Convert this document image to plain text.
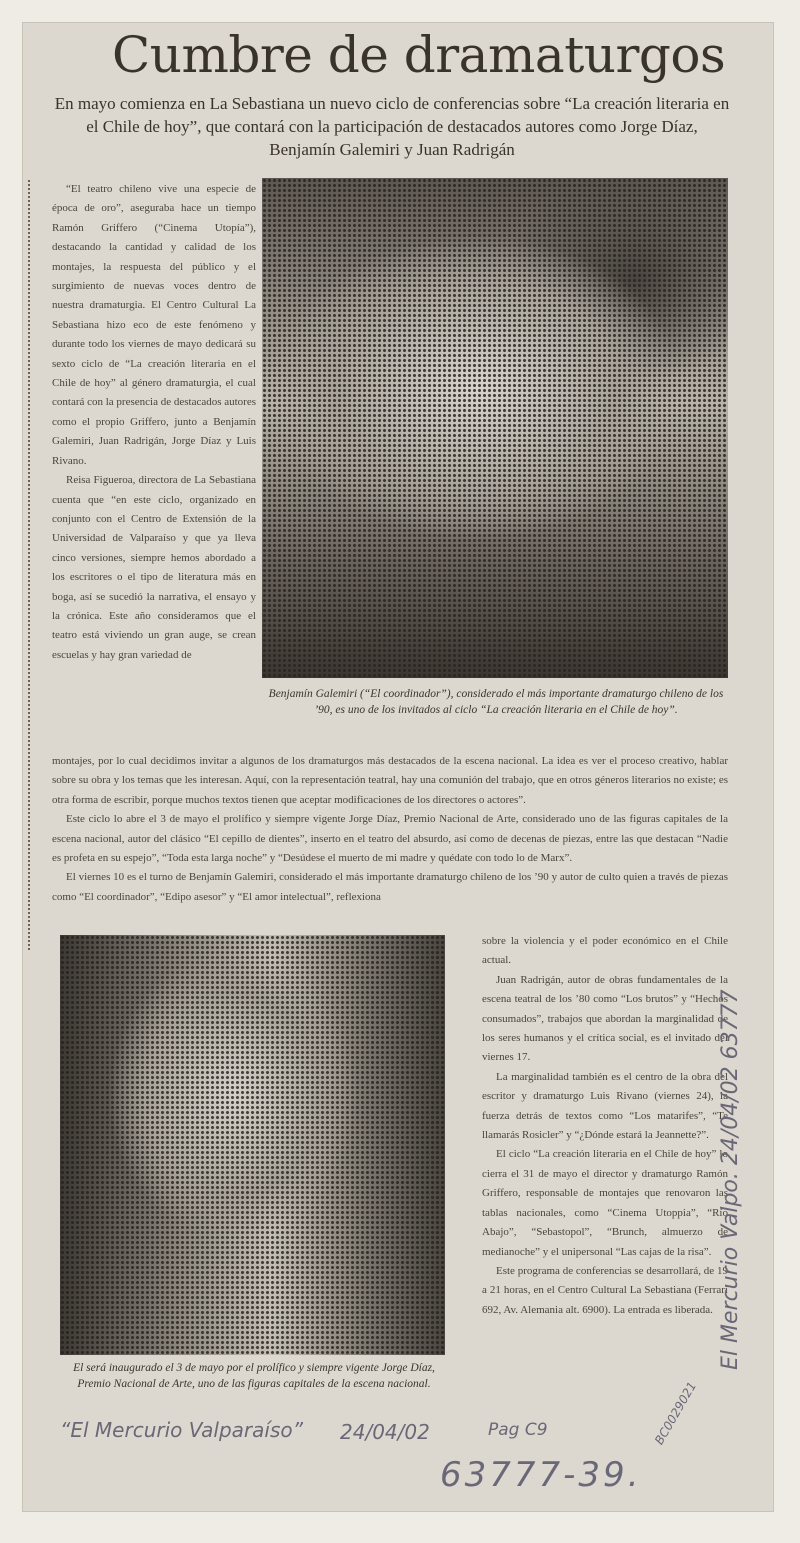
Cumbre de dramaturgos
En mayo comienza en La Sebastiana un nuevo ciclo de conferencias sobre “La creación literaria en el Chile de hoy”, que contará con la participación de destacados autores como Jorge Díaz, Benjamín Galemiri y Juan Radrigán

“El teatro chileno vive una especie de época de oro”, aseguraba hace un tiempo Ramón Griffero (“Cinema Utopía”), destacando la cantidad y calidad de los montajes, la respuesta del público y el surgimiento de nuevas voces dentro de nuestra dramaturgia. El Centro Cultural La Sebastiana hizo eco de este fenómeno y durante todo los viernes de mayo dedicará su sexto ciclo de “La creación literaria en el Chile de hoy” al género dramaturgia, el cual contará con la presencia de destacados autores como el propio Griffero, junto a Benjamín Galemiri, Juan Radrigán, Jorge Díaz y Luis Rivano.

Reisa Figueroa, directora de La Sebastiana cuenta que “en este ciclo, organizado en conjunto con el Centro de Extensión de la Universidad de Valparaíso y que ya lleva cinco versiones, siempre hemos abordado a los escritores o el tipo de literatura más en boga, así se sucedió la narrativa, el ensayo y la crónica. Este año consideramos que el teatro está viviendo un gran auge, se crean escuelas y hay gran variedad de

Benjamín Galemiri (“El coordinador”), considerado el más importante dramaturgo chileno de los ’90, es uno de los invitados al ciclo “La creación literaria en el Chile de hoy”.

montajes, por lo cual decidimos invitar a algunos de los dramaturgos más destacados de la escena nacional. La idea es ver el proceso creativo, hablar sobre su obra y los temas que les interesan. Aquí, con la representación teatral, hay una comunión del trabajo, que en otros géneros literarios no existe; es otra forma de escribir, porque muchos textos tienen que aceptar modificaciones de los directores o actores”.

Este ciclo lo abre el 3 de mayo el prolífico y siempre vigente Jorge Díaz, Premio Nacional de Arte, considerado uno de las figuras capitales de la escena nacional, autor del clásico “El cepillo de dientes”, inserto en el teatro del absurdo, así como de decenas de piezas, entre las que destacan “Nadie es profeta en su espejo”, “Toda esta larga noche” y “Desúdese el muerto de mi madre y quédate con todo lo de Marx”.

El viernes 10 es el turno de Benjamín Galemiri, considerado el más importante dramaturgo chileno de los ’90 y autor de culto quien a través de piezas como “El coordinador”, “Edipo asesor” y “El amor intelectual”, reflexiona

El será inaugurado el 3 de mayo por el prolífico y siempre vigente Jorge Díaz, Premio Nacional de Arte, uno de las figuras capitales de la escena nacional.

sobre la violencia y el poder económico en el Chile actual.

Juan Radrigán, autor de obras fundamentales de la escena teatral de los ’80 como “Los brutos” y “Hechos consumados”, trabajos que abordan la marginalidad de los seres humanos y el crítica social, es el invitado del viernes 17.

La marginalidad también es el centro de la obra del escritor y dramaturgo Luis Rivano (viernes 24), la fuerza detrás de textos como “Los matarifes”, “Te llamarás Rosicler” y “¿Dónde estará la Jeannette?”.

El ciclo “La creación literaria en el Chile de hoy” lo cierra el 31 de mayo el director y dramaturgo Ramón Griffero, responsable de montajes que renovaron las tablas nacionales, como “Cinema Utoppia”, “Río Abajo”, “Sebastopol”, “Brunch, almuerzo de medianoche” y el unipersonal “Las cajas de la risa”.

Este programa de conferencias se desarrollará, de 19 a 21 horas, en el Centro Cultural La Sebastiana (Ferrari 692, Av. Alemania alt. 6900). La entrada es liberada.

“El Mercurio Valparaíso” 24/04/02	Pag C9
63777-39.
BC0029021
El Mercurio Valpo. 24/04/02 63777
